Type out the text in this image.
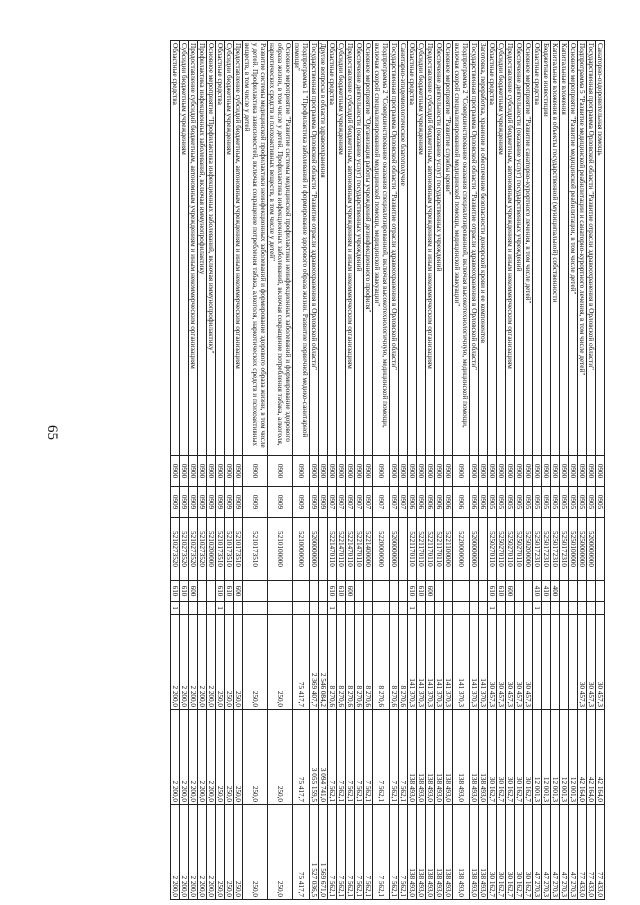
65
Санаторно-оздоровительная помощь	0900	0905				30 457,3	42 164,0	77 433,0
Государственная программа Орловской области "Развитие отрасли здравоохранения в Орловской области"	0900	0905	5200000000			30 457,3	42 164,0	77 433,0
Подпрограмма 5 "Развитие медицинской реабилитации и санаторно-курортного лечения, в том числе детей"	0900	0905	5250000000			30 457,3	42 164,0	77 433,0
Основное мероприятие "Развитие медицинской реабилитации, в том числе детей"	0900	0905	5250100000				12 001,3	47 270,3
Капитальные вложения	0900	0905	5250172310				12 001,3	47 270,3
Капитальные вложения в объекты государственной (муниципальной) собственности	0900	0905	5250172310	400			12 001,3	47 270,3
Бюджетные инвестиции	0900	0905	5250172310	410			12 001,3	47 270,3
Областные средства	0900	0905	5250172310	410	1		12 001,3	47 270,3
Основное мероприятие "Развитие санаторно-курортного лечения, в том числе детей"	0900	0905	5250200000			30 457,3	30 162,7	30 162,7
Обеспечение деятельности (оказание услуг) государственных учреждений	0900	0905	5250270110			30 457,3	30 162,7	30 162,7
Предоставление субсидий бюджетным, автономным учреждениям и иным некоммерческим организациям	0900	0905	5250270110	600		30 457,3	30 162,7	30 162,7
Субсидии бюджетным учреждениям	0900	0905	5250270110	610		30 457,3	30 162,7	30 162,7
Областные средства	0900	0905	5250270110	610	1	30 457,3	30 162,7	30 162,7
Заготовка, переработка, хранение и обеспечение безопасности донорской крови и ее компонентов	0900	0906				141 370,3	138 493,0	138 493,0
Государственная программа Орловской области "Развитие отрасли здравоохранения в Орловской области"	0900	0906	5200000000			141 370,3	138 493,0	138 493,0
Подпрограмма 2 "Совершенствование оказания специализированной, включая высокотехнологичную, медицинской помощи, включая скорой специализированной медицинской помощи, медицинской эвакуации"	0900	0906	5220000000			141 370,3	138 493,0	138 493,0
Основное мероприятие "Развитие службы крови"	0900	0906	5221100000			141 370,3	138 493,0	138 493,0
Обеспечение деятельности (оказание услуг) государственных учреждений	0900	0906	5221170110			141 370,3	138 493,0	138 493,0
Предоставление субсидий бюджетным, автономным учреждениям и иным некоммерческим организациям	0900	0906	5221170110	600		141 370,3	138 493,0	138 493,0
Субсидии бюджетным учреждениям	0900	0906	5221170110	610		141 370,3	138 493,0	138 493,0
Областные средства	0900	0906	5221170110	610	1	141 370,3	138 493,0	138 493,0
Санитарно-эпидемиологическое благополучие	0900	0907				8 270,6	7 562,1	7 562,1
Государственная программа Орловской области "Развитие отрасли здравоохранения в Орловской области"	0900	0907	5200000000			8 270,6	7 562,1	7 562,1
Подпрограмма 2 "Совершенствование оказания специализированной, включая высокотехнологичную, медицинской помощи, включая скорой специализированной медицинской помощи, медицинской эвакуации"	0900	0907	5220000000			8 270,6	7 562,1	7 562,1
Основное мероприятие "Организация работы учреждений дезинфекционного профиля"	0900	0907	5221400000			8 270,6	7 562,1	7 562,1
Обеспечение деятельности (оказание услуг) государственных учреждений	0900	0907	5221470110			8 270,6	7 562,1	7 562,1
Предоставление субсидий бюджетным, автономным учреждениям и иным некоммерческим организациям	0900	0907	5221470110	600		8 270,6	7 562,1	7 562,1
Субсидии бюджетным учреждениям	0900	0907	5221470110	610		8 270,6	7 562,1	7 562,1
Областные средства	0900	0907	5221470110	610	1	8 270,6	7 562,1	7 562,1
Другие вопросы в области здравоохранения	0900	0909				2 546 084,2	3 094 741,0	1 569 671,0
Государственная программа Орловской области "Развитие отрасли здравоохранения в Орловской области"	0900	0909	5200000000			2 369 407,7	3 055 159,5	1 527 036,5
Подпрограмма 1 "Профилактика заболеваний и формирование здорового образа жизни. Развитие первичной медико-санитарной помощи"	0900	0909	5210000000			75 417,7	75 417,7	75 417,7
Основное мероприятие "Развитие системы медицинской профилактики неинфекционных заболеваний и формирование здорового образа жизни, в том числе у детей. Профилактика инфекционных заболеваний, включая сокращение потребления табака, алкоголя, наркотических средств и психоактивных веществ, в том числе у детей"	0900	0909	5210100000			250,0	250,0	250,0
Развитие системы медицинской профилактики неинфекционных заболеваний и формирование здорового образа жизни, в том числе у детей. Профилактика зависимостей, включая сокращение потребления табака, алкоголя, наркотических средств и психоактивных веществ, в том числе у детей	0900	0909	5210173510			250,0	250,0	250,0
Предоставление субсидий бюджетным, автономным учреждениям и иным некоммерческим организациям	0900	0909	5210173510	600		250,0	250,0	250,0
Субсидии бюджетным учреждениям	0900	0909	5210173510	610		250,0	250,0	250,0
Областные средства	0900	0909	5210173510	610	1	250,0	250,0	250,0
Основное мероприятие "Профилактика инфекционных заболеваний, включая иммунопрофилактику"	0900	0909	5210200000			2 200,0	2 200,0	2 200,0
Профилактика инфекционных заболеваний, включая иммунопрофилактику	0900	0909	5210273520			2 200,0	2 200,0	2 200,0
Предоставление субсидий бюджетным, автономным учреждениям и иным некоммерческим организациям	0900	0909	5210273520	600		2 200,0	2 200,0	2 200,0
Субсидии бюджетным учреждениям	0900	0909	5210273520	610		2 200,0	2 200,0	2 200,0
Областные средства	0900	0909	5210273520	610	1	2 200,0	2 200,0	2 200,0
